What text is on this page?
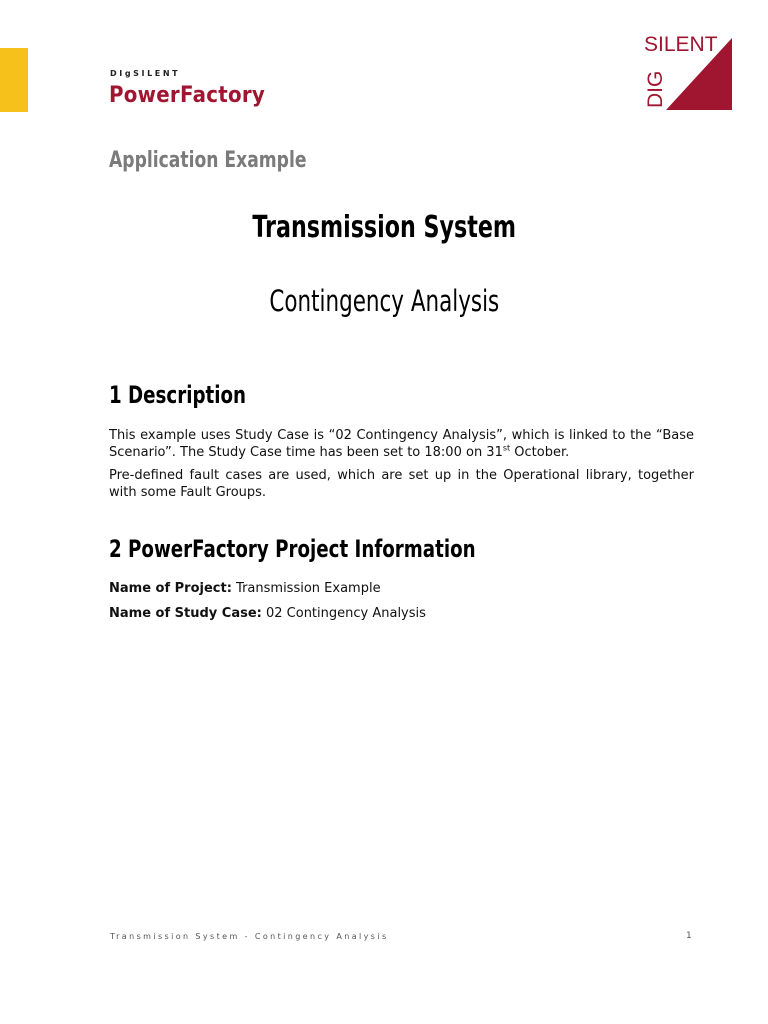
DIgSILENT
PowerFactory
SILENT
DIG
Application Example
Transmission System
Contingency Analysis
1 Description
This example uses Study Case is “02 Contingency Analysis”, which is linked to the “Base Scenario”. The Study Case time has been set to 18:00 on 31st October.
Pre-defined fault cases are used, which are set up in the Operational library, together with some Fault Groups.
2 PowerFactory Project Information
Name of Project: Transmission Example
Name of Study Case: 02 Contingency Analysis
Transmission System - Contingency Analysis	1
